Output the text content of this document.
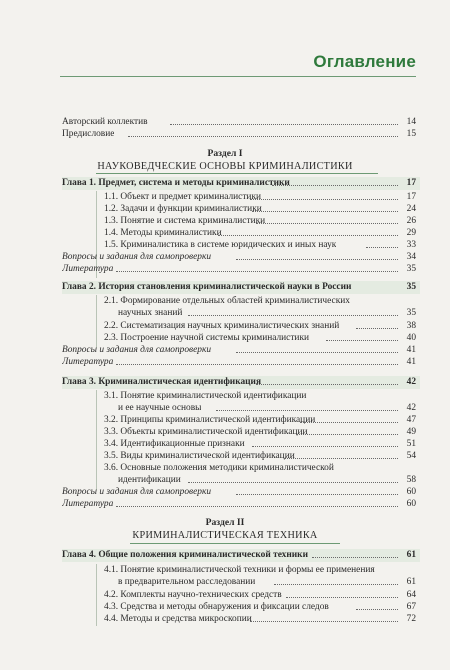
Оглавление
Авторский коллектив	14
Предисловие	15
Раздел I
НАУКОВЕДЧЕСКИЕ ОСНОВЫ КРИМИНАЛИСТИКИ
Глава 1. Предмет, система и методы криминалистики	17
1.1. Объект и предмет криминалистики	17
1.2. Задачи и функции криминалистики	24
1.3. Понятие и система криминалистики	26
1.4. Методы криминалистики	29
1.5. Криминалистика в системе юридических и иных наук	33
Вопросы и задания для самопроверки	34
Литература	35
Глава 2. История становления криминалистической науки в России	35
2.1. Формирование отдельных областей криминалистических
научных знаний	35
2.2. Систематизация научных криминалистических знаний	38
2.3. Построение научной системы криминалистики	40
Вопросы и задания для самопроверки	41
Литература	41
Глава 3. Криминалистическая идентификация	42
3.1. Понятие криминалистической идентификации
и ее научные основы	42
3.2. Принципы криминалистической идентификации	47
3.3. Объекты криминалистической идентификации	49
3.4. Идентификационные признаки	51
3.5. Виды криминалистической идентификации	54
3.6. Основные положения методики криминалистической
идентификации	58
Вопросы и задания для самопроверки	60
Литература	60
Раздел II
КРИМИНАЛИСТИЧЕСКАЯ ТЕХНИКА
Глава 4. Общие положения криминалистической техники	61
4.1. Понятие криминалистической техники и формы ее применения
в предварительном расследовании	61
4.2. Комплекты научно-технических средств	64
4.3. Средства и методы обнаружения и фиксации следов	67
4.4. Методы и средства микроскопии	72
